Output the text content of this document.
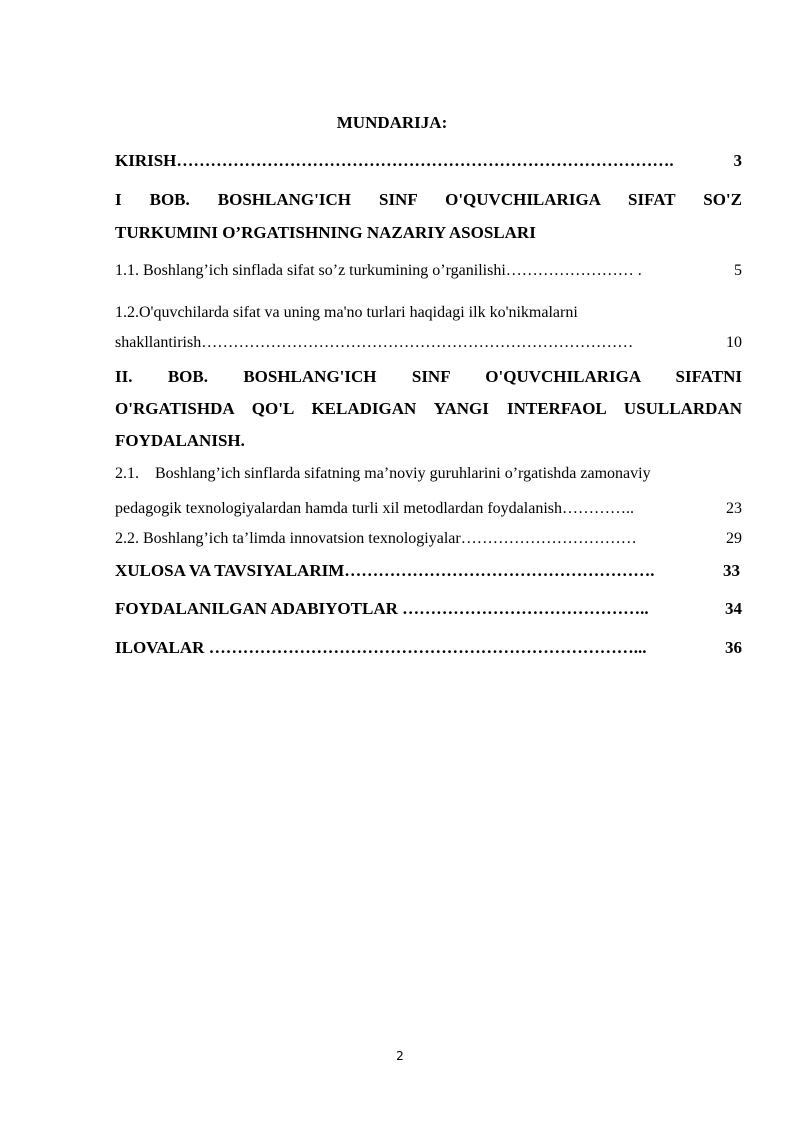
MUNDARIJA:
KIRISH …………………………………………………………………………….	3
I BOB. BOSHLANG'ICH SINF O'QUVCHILARIGA SIFAT SO'Z
TURKUMINI O’RGATISHNING NAZARIY ASOSLARI
1.1. Boshlang’ich sinflada sifat so’z turkumining o’rganilishi …………………… .	5
1.2.O'quvchilarda sifat va uning ma'no turlari haqidagi ilk ko'nikmalarni
shakllantirish ………………………………………………………………………	10
II. BOB. BOSHLANG'ICH SINF O'QUVCHILARIGA SIFATNI
O'RGATISHDA QO'L KELADIGAN YANGI INTERFAOL USULLARDAN
FOYDALANISH.
2.1.    Boshlang’ich sinflarda sifatning ma’noviy guruhlarini o’rgatishda zamonaviy
pedagogik texnologiyalardan hamda turli xil metodlardan foydalanish …………..	23
2.2. Boshlang’ich ta’limda innovatsion texnologiyalar ……………………………	29
XULOSA VA TAVSIYALARIM ……………………………………………….	33
FOYDALANILGAN ADABIYOTLAR ……………………………………..	34
ILOVALAR …………………………………………………………………...	36
2
